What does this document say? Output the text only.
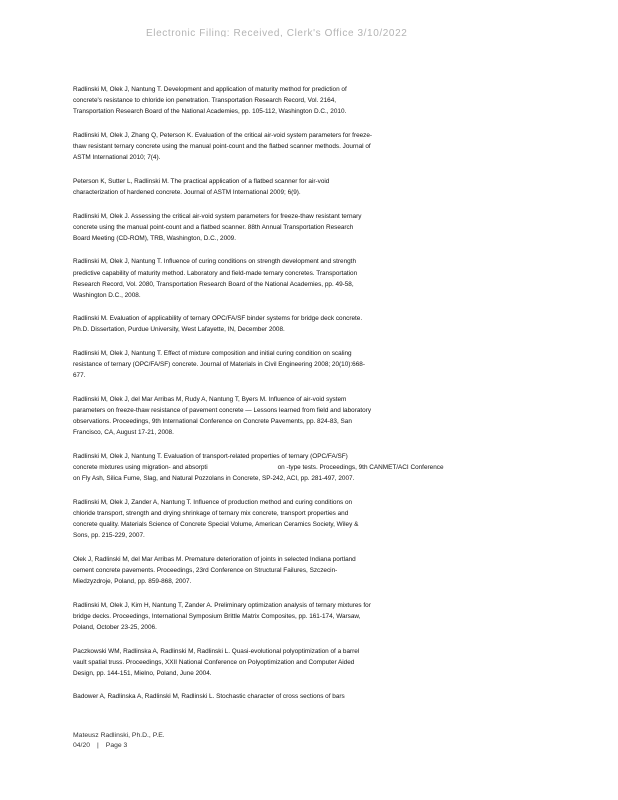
Electronic Filing: Received, Clerk's Office 3/10/2022
Radlinski M, Olek J, Nantung T. Development and application of maturity method for prediction of
concrete's resistance to chloride ion penetration. Transportation Research Record, Vol. 2164,
Transportation Research Board of the National Academies, pp. 105-112, Washington D.C., 2010.
Radlinski M, Olek J, Zhang Q, Peterson K. Evaluation of the critical air-void system parameters for freeze-
thaw resistant ternary concrete using the manual point-count and the flatbed scanner methods. Journal of
ASTM International 2010; 7(4).
Peterson K, Sutter L, Radlinski M. The practical application of a flatbed scanner for air-void
characterization of hardened concrete. Journal of ASTM International 2009; 6(9).
Radlinski M, Olek J. Assessing the critical air-void system parameters for freeze-thaw resistant ternary
concrete using the manual point-count and a flatbed scanner. 88th Annual Transportation Research
Board Meeting (CD-ROM), TRB, Washington, D.C., 2009.
Radlinski M, Olek J, Nantung T. Influence of curing conditions on strength development and strength
predictive capability of maturity method. Laboratory and field-made ternary concretes. Transportation
Research Record, Vol. 2080, Transportation Research Board of the National Academies, pp. 49-58,
Washington D.C., 2008.
Radlinski M. Evaluation of applicability of ternary OPC/FA/SF binder systems for bridge deck concrete.
Ph.D. Dissertation, Purdue University, West Lafayette, IN, December 2008.
Radlinski M, Olek J, Nantung T. Effect of mixture composition and initial curing condition on scaling
resistance of ternary (OPC/FA/SF) concrete. Journal of Materials in Civil Engineering 2008; 20(10):668-
677.
Radlinski M, Olek J, del Mar Arribas M, Rudy A, Nantung T, Byers M. Influence of air-void system
parameters on freeze-thaw resistance of pavement concrete — Lessons learned from field and laboratory
observations. Proceedings, 9th International Conference on Concrete Pavements, pp. 824-83, San
Francisco, CA, August 17-21, 2008.
Radlinski M, Olek J, Nantung T. Evaluation of transport-related properties of ternary (OPC/FA/SF)
concrete mixtures using migration- and absorpti	on -type tests. Proceedings, 9th CANMET/ACI Conference
on Fly Ash, Silica Fume, Slag, and Natural Pozzolans in Concrete, SP-242, ACI, pp. 281-497, 2007.
Radlinski M, Olek J, Zander A, Nantung T. Influence of production method and curing conditions on
chloride transport, strength and drying shrinkage of ternary mix concrete, transport properties and
concrete quality. Materials Science of Concrete Special Volume, American Ceramics Society, Wiley &
Sons, pp. 215-229, 2007.
Olek J, Radlinski M, del Mar Arribas M. Premature deterioration of joints in selected Indiana portland
cement concrete pavements. Proceedings, 23rd Conference on Structural Failures, Szczecin-
Miedzyzdroje, Poland, pp. 859-868, 2007.
Radlinski M, Olek J, Kim H, Nantung T, Zander A. Preliminary optimization analysis of ternary mixtures for
bridge decks. Proceedings, International Symposium Brittle Matrix Composites, pp. 161-174, Warsaw,
Poland, October 23-25, 2006.
Paczkowski WM, Radlinska A, Radlinski M, Radlinski L. Quasi-evolutional polyoptimization of a barrel
vault spatial truss. Proceedings, XXII National Conference on Polyoptimization and Computer Aided
Design, pp. 144-151, Mielno, Poland, June 2004.
Badower A, Radlinska A, Radlinski M, Radlinski L. Stochastic character of cross sections of bars
Mateusz Radlinski, Ph.D., P.E.
04/20 | Page 3
